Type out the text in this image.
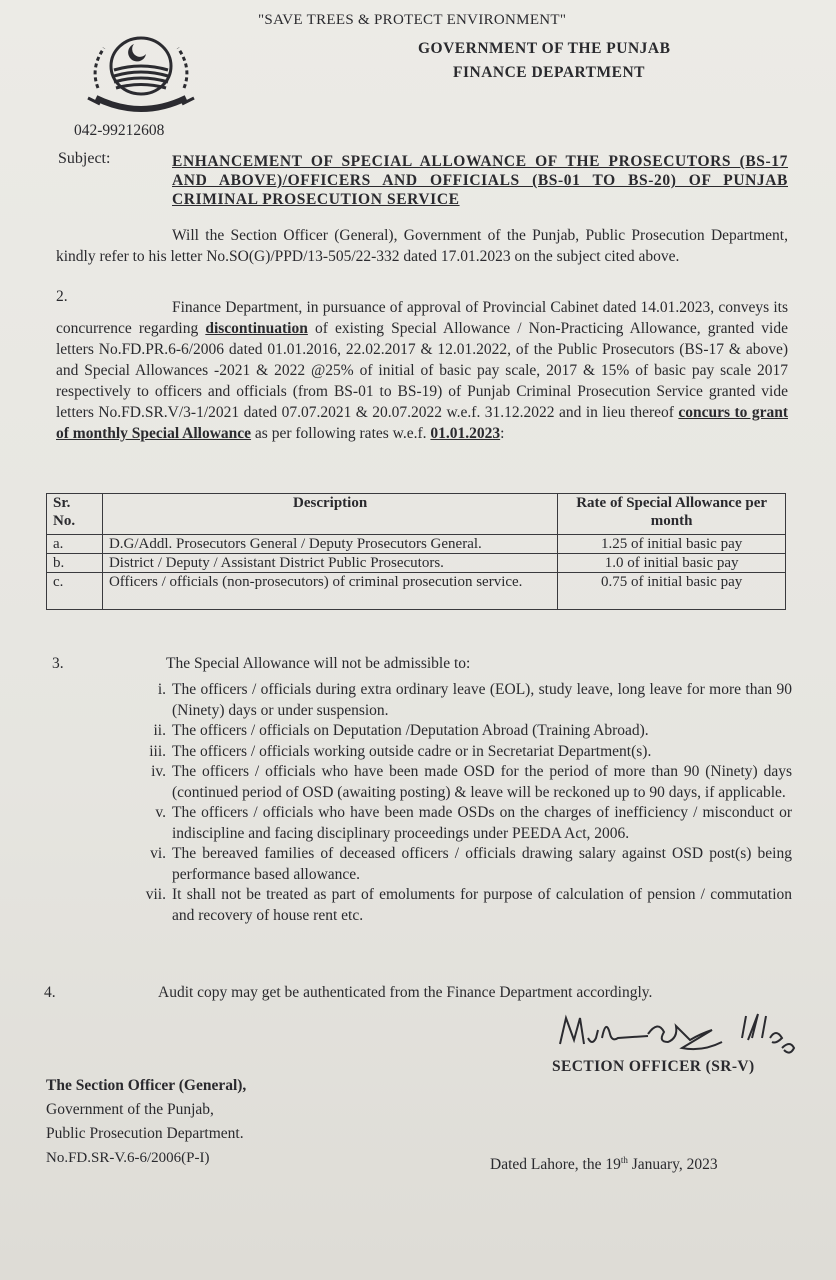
"SAVE TREES & PROTECT ENVIRONMENT"
GOVERNMENT OF THE PUNJAB
FINANCE DEPARTMENT
042-99212608
Subject:	ENHANCEMENT OF SPECIAL ALLOWANCE OF THE PROSECUTORS (BS-17 AND ABOVE)/OFFICERS AND OFFICIALS (BS-01 TO BS-20) OF PUNJAB CRIMINAL PROSECUTION SERVICE
Will the Section Officer (General), Government of the Punjab, Public Prosecution Department, kindly refer to his letter No.SO(G)/PPD/13-505/22-332 dated 17.01.2023 on the subject cited above.
2.
Finance Department, in pursuance of approval of Provincial Cabinet dated 14.01.2023, conveys its concurrence regarding discontinuation of existing Special Allowance / Non-Practicing Allowance, granted vide letters No.FD.PR.6-6/2006 dated 01.01.2016, 22.02.2017 & 12.01.2022, of the Public Prosecutors (BS-17 & above) and Special Allowances -2021 & 2022 @25% of initial of basic pay scale, 2017 & 15% of basic pay scale 2017 respectively to officers and officials (from BS-01 to BS-19) of Punjab Criminal Prosecution Service granted vide letters No.FD.SR.V/3-1/2021 dated 07.07.2021 & 20.07.2022 w.e.f. 31.12.2022 and in lieu thereof concurs to grant of monthly Special Allowance as per following rates w.e.f. 01.01.2023:
Sr. No.	Description	Rate of Special Allowance per month
a.	D.G/Addl. Prosecutors General / Deputy Prosecutors General.	1.25 of initial basic pay
b.	District / Deputy / Assistant District Public Prosecutors.	1.0 of initial basic pay
c.	Officers / officials (non-prosecutors) of criminal prosecution service.	0.75 of initial basic pay
3.	The Special Allowance will not be admissible to:
i. The officers / officials during extra ordinary leave (EOL), study leave, long leave for more than 90 (Ninety) days or under suspension.
ii. The officers / officials on Deputation /Deputation Abroad (Training Abroad).
iii. The officers / officials working outside cadre or in Secretariat Department(s).
iv. The officers / officials who have been made OSD for the period of more than 90 (Ninety) days (continued period of OSD (awaiting posting) & leave will be reckoned up to 90 days, if applicable.
v. The officers / officials who have been made OSDs on the charges of inefficiency / misconduct or indiscipline and facing disciplinary proceedings under PEEDA Act, 2006.
vi. The bereaved families of deceased officers / officials drawing salary against OSD post(s) being performance based allowance.
vii. It shall not be treated as part of emoluments for purpose of calculation of pension / commutation and recovery of house rent etc.
4.	Audit copy may get be authenticated from the Finance Department accordingly.
SECTION OFFICER (SR-V)
The Section Officer (General),
Government of the Punjab,
Public Prosecution Department.
No.FD.SR-V.6-6/2006(P-I)	Dated Lahore, the 19th January, 2023
